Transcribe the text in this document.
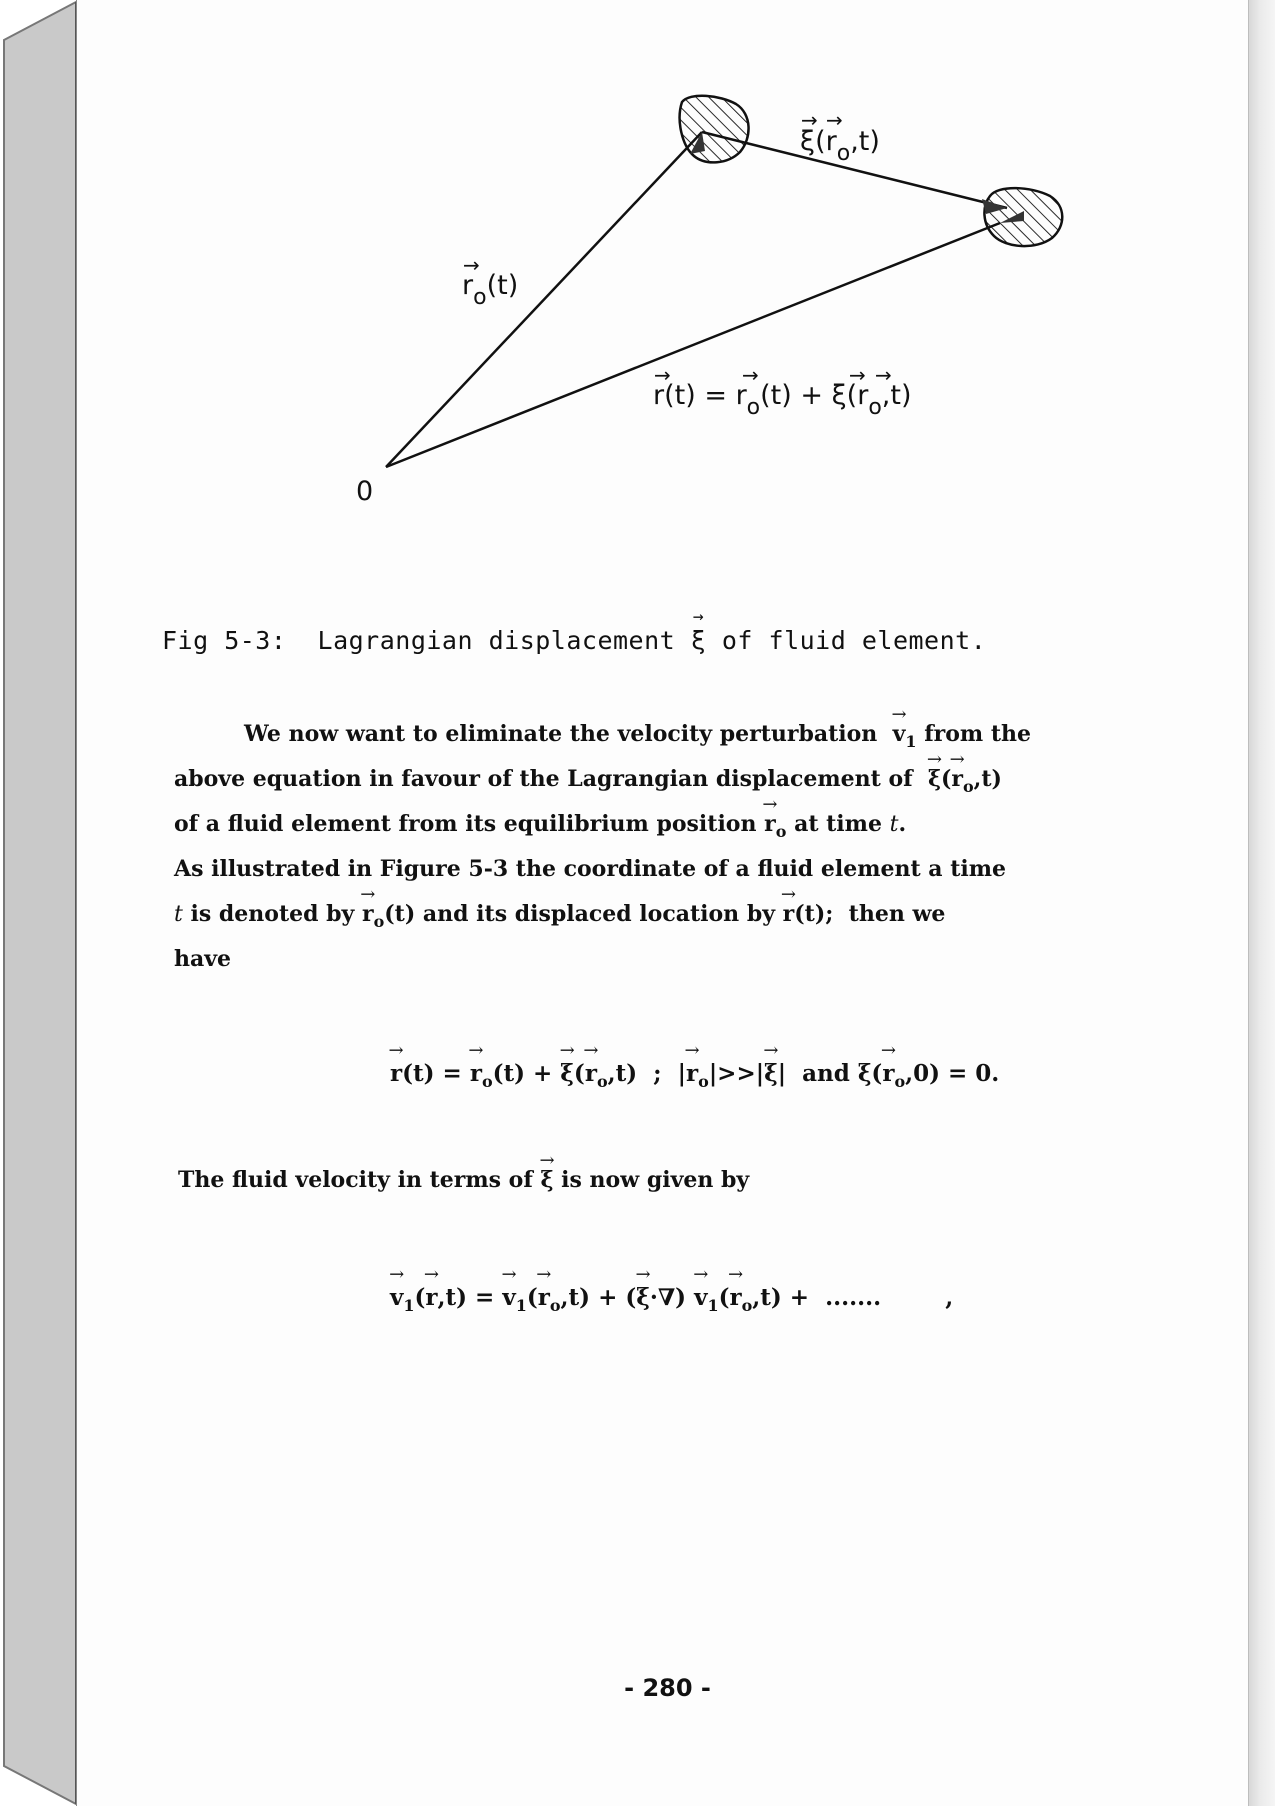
$r_o(t)$
→
$\xi(r_o,t)$
→ →
$r(t) = r_o(t) + \xi(r_o,t)$
→	→	→ →
0
Fig 5-3:  Lagrangian displacement → ξ of fluid element.
We now want to eliminate the velocity perturbation  → $v_1$ from the
above equation in favour of the Lagrangian displacement of  → $\xi(\to r_o,t)$
of a fluid element from its equilibrium position → $r_o$ at time t.
As illustrated in Figure 5-3 the coordinate of a fluid element a time
t is denoted by → $r_o(t)$ and its displaced location by → r(t);  then we
have
→ r(t) = → $r_o(t)$ + → $\xi(\to r_o,t)$  ;  |→ $r_o|>>|\to \xi|$  and $\xi(\to r_o,0) = 0$.
The fluid velocity in terms of → ξ is now given by
→ $v_1(\to r,t)$ = → $v_1(\to r_o,t)$ + (→ $\xi\cdot\nabla) \to v_1(\to r_o,t)$ +  .......        ,
- 280 -
